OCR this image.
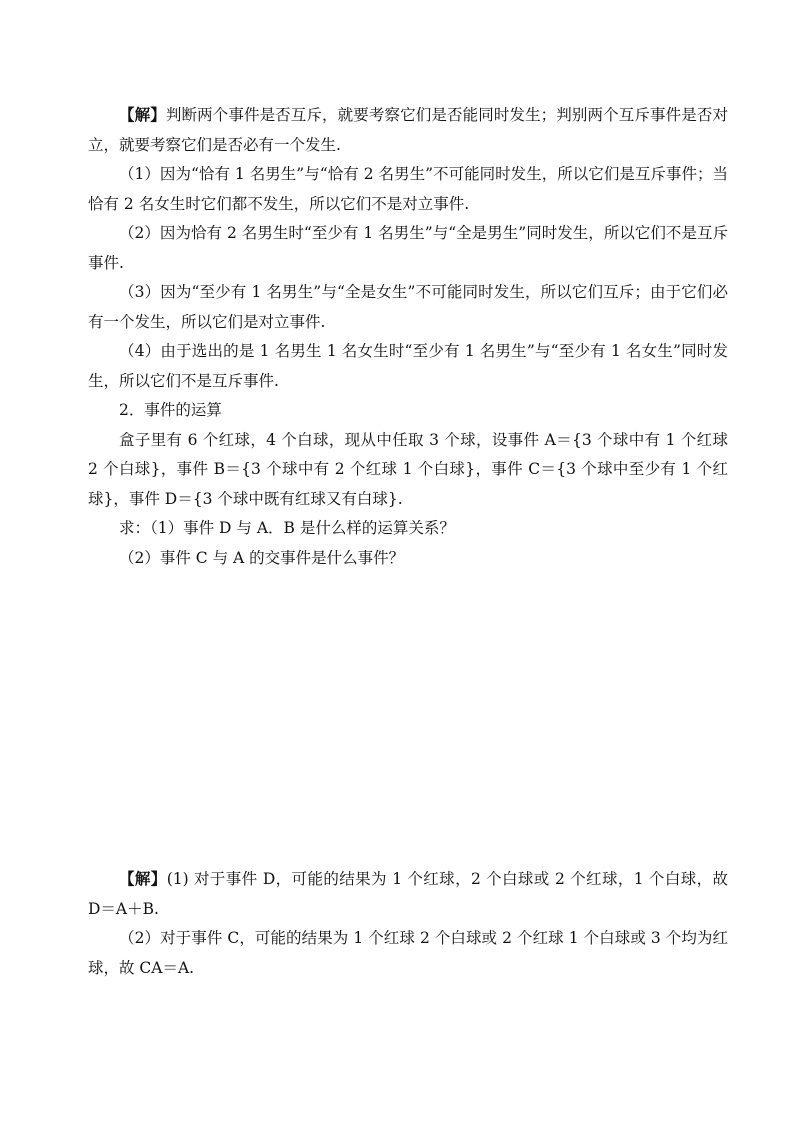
【解】判断两个事件是否互斥，就要考察它们是否能同时发生；判别两个互斥事件是否对立，就要考察它们是否必有一个发生.

（1）因为“恰有 1 名男生”与“恰有 2 名男生”不可能同时发生，所以它们是互斥事件；当恰有 2 名女生时它们都不发生，所以它们不是对立事件.

（2）因为恰有 2 名男生时“至少有 1 名男生”与“全是男生”同时发生，所以它们不是互斥事件.

（3）因为“至少有 1 名男生”与“全是女生”不可能同时发生，所以它们互斥；由于它们必有一个发生，所以它们是对立事件.

（4）由于选出的是 1 名男生 1 名女生时“至少有 1 名男生”与“至少有 1 名女生”同时发生，所以它们不是互斥事件.

2．事件的运算

盒子里有 6 个红球，4 个白球，现从中任取 3 个球，设事件 A＝{3 个球中有 1 个红球 2 个白球}，事件 B＝{3 个球中有 2 个红球 1 个白球}，事件 C＝{3 个球中至少有 1 个红球}，事件 D＝{3 个球中既有红球又有白球}.

求：（1）事件 D 与 A．B 是什么样的运算关系？

（2）事件 C 与 A 的交事件是什么事件？

【解】(1) 对于事件 D，可能的结果为 1 个红球，2 个白球或 2 个红球，1 个白球，故 D＝A＋B.

（2）对于事件 C，可能的结果为 1 个红球 2 个白球或 2 个红球 1 个白球或 3 个均为红球，故 CA＝A.
